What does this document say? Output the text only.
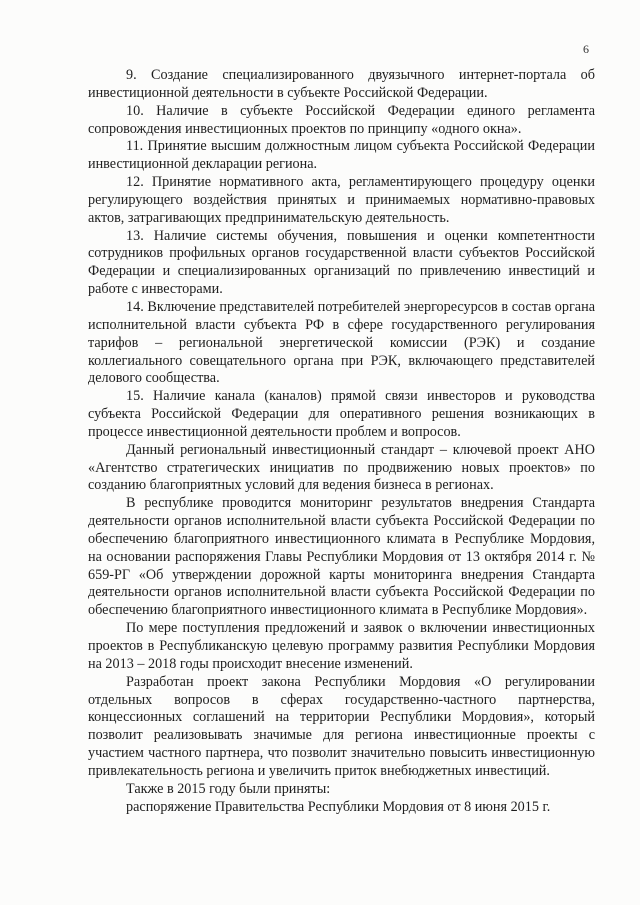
6

9. Создание специализированного двуязычного интернет-портала об инвестиционной деятельности в субъекте Российской Федерации.

10. Наличие в субъекте Российской Федерации единого регламента сопровождения инвестиционных проектов по принципу «одного окна».

11. Принятие высшим должностным лицом субъекта Российской Федерации инвестиционной декларации региона.

12. Принятие нормативного акта, регламентирующего процедуру оценки регулирующего воздействия принятых и принимаемых нормативно-правовых актов, затрагивающих предпринимательскую деятельность.

13. Наличие системы обучения, повышения и оценки компетентности сотрудников профильных органов государственной власти субъектов Российской Федерации и специализированных организаций по привлечению инвестиций и работе с инвесторами.

14. Включение представителей потребителей энергоресурсов в состав органа исполнительной власти субъекта РФ в сфере государственного регулирования тарифов – региональной энергетической комиссии (РЭК) и создание коллегиального совещательного органа при РЭК, включающего представителей делового сообщества.

15. Наличие канала (каналов) прямой связи инвесторов и руководства субъекта Российской Федерации для оперативного решения возникающих в процессе инвестиционной деятельности проблем и вопросов.

Данный региональный инвестиционный стандарт – ключевой проект АНО «Агентство стратегических инициатив по продвижению новых проектов» по созданию благоприятных условий для ведения бизнеса в регионах.

В республике проводится мониторинг результатов внедрения Стандарта деятельности органов исполнительной власти субъекта Российской Федерации по обеспечению благоприятного инвестиционного климата в Республике Мордовия, на основании распоряжения Главы Республики Мордовия от 13 октября 2014 г. № 659-РГ «Об утверждении дорожной карты мониторинга внедрения Стандарта деятельности органов исполнительной власти субъекта Российской Федерации по обеспечению благоприятного инвестиционного климата в Республике Мордовия».

По мере поступления предложений и заявок о включении инвестиционных проектов в Республиканскую целевую программу развития Республики Мордовия на 2013 – 2018 годы происходит внесение изменений.

Разработан проект закона Республики Мордовия «О регулировании отдельных вопросов в сферах государственно-частного партнерства, концессионных соглашений на территории Республики Мордовия», который позволит реализовывать значимые для региона инвестиционные проекты с участием частного партнера, что позволит значительно повысить инвестиционную привлекательность региона и увеличить приток внебюджетных инвестиций.

Также в 2015 году были приняты:

распоряжение Правительства Республики Мордовия от 8 июня 2015 г.
